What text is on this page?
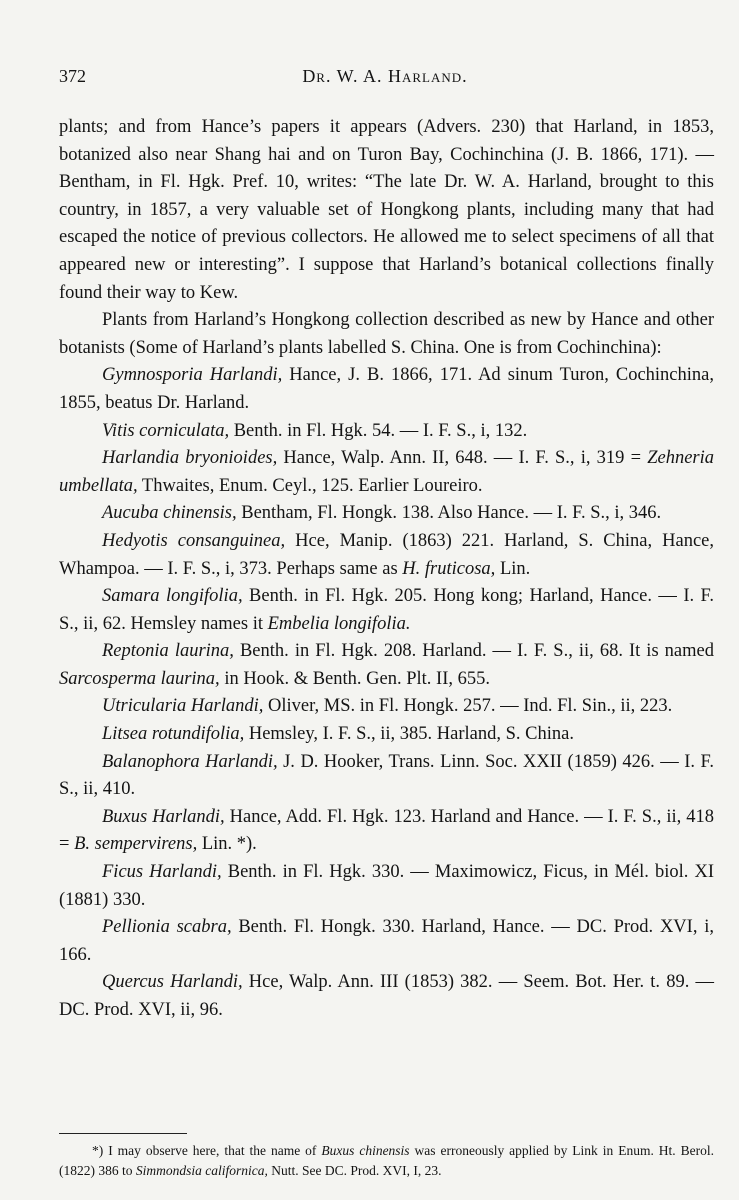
372	Dr. W. A. Harland.

plants; and from Hance’s papers it appears (Advers. 230) that Harland, in 1853, botanized also near Shang hai and on Turon Bay, Cochinchina (J. B. 1866, 171). — Bentham, in Fl. Hgk. Pref. 10, writes: “The late Dr. W. A. Harland, brought to this country, in 1857, a very valuable set of Hongkong plants, including many that had escaped the notice of previous collectors. He allowed me to select specimens of all that appeared new or interesting”. I suppose that Harland’s botanical collections finally found their way to Kew.

Plants from Harland’s Hongkong collection described as new by Hance and other botanists (Some of Harland’s plants labelled S. China. One is from Cochinchina):

Gymnosporia Harlandi, Hance, J. B. 1866, 171. Ad sinum Turon, Cochinchina, 1855, beatus Dr. Harland.

Vitis corniculata, Benth. in Fl. Hgk. 54. — I. F. S., i, 132.

Harlandia bryonioides, Hance, Walp. Ann. II, 648. — I. F. S., i, 319 = Zehneria umbellata, Thwaites, Enum. Ceyl., 125. Earlier Loureiro.

Aucuba chinensis, Bentham, Fl. Hongk. 138. Also Hance. — I. F. S., i, 346.

Hedyotis consanguinea, Hce, Manip. (1863) 221. Harland, S. China, Hance, Whampoa. — I. F. S., i, 373. Perhaps same as H. fruticosa, Lin.

Samara longifolia, Benth. in Fl. Hgk. 205. Hong kong; Harland, Hance. — I. F. S., ii, 62. Hemsley names it Embelia longifolia.

Reptonia laurina, Benth. in Fl. Hgk. 208. Harland. — I. F. S., ii, 68. It is named Sarcosperma laurina, in Hook. & Benth. Gen. Plt. II, 655.

Utricularia Harlandi, Oliver, MS. in Fl. Hongk. 257. — Ind. Fl. Sin., ii, 223.

Litsea rotundifolia, Hemsley, I. F. S., ii, 385. Harland, S. China.

Balanophora Harlandi, J. D. Hooker, Trans. Linn. Soc. XXII (1859) 426. — I. F. S., ii, 410.

Buxus Harlandi, Hance, Add. Fl. Hgk. 123. Harland and Hance. — I. F. S., ii, 418 = B. sempervirens, Lin. *).

Ficus Harlandi, Benth. in Fl. Hgk. 330. — Maximowicz, Ficus, in Mél. biol. XI (1881) 330.

Pellionia scabra, Benth. Fl. Hongk. 330. Harland, Hance. — DC. Prod. XVI, i, 166.

Quercus Harlandi, Hce, Walp. Ann. III (1853) 382. — Seem. Bot. Her. t. 89. — DC. Prod. XVI, ii, 96.

*) I may observe here, that the name of Buxus chinensis was erroneously applied by Link in Enum. Ht. Berol. (1822) 386 to Simmondsia californica, Nutt. See DC. Prod. XVI, I, 23.
